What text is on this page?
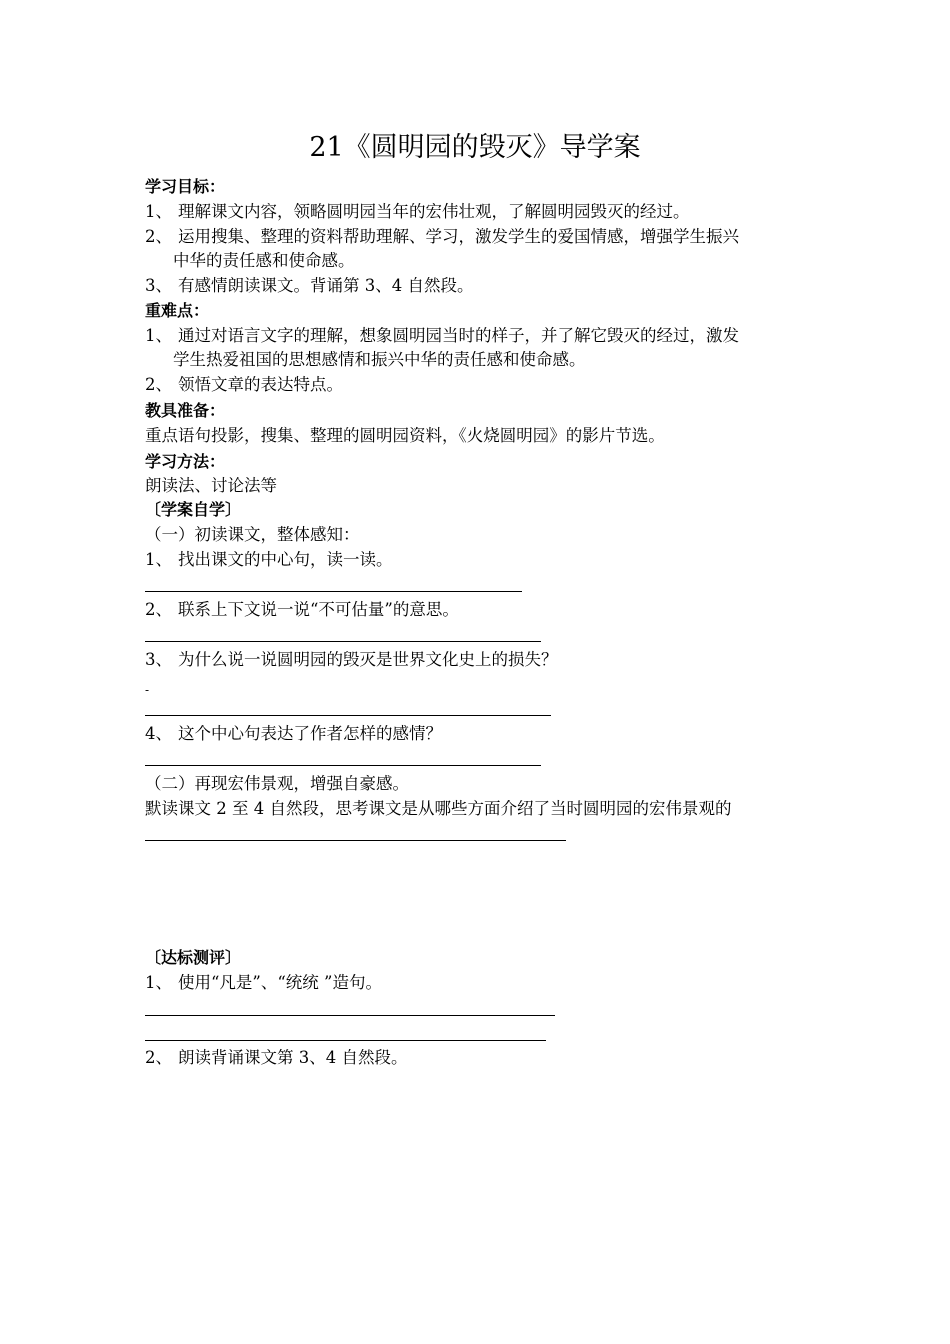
21《圆明园的毁灭》导学案
学习目标：
1、 理解课文内容，领略圆明园当年的宏伟壮观，了解圆明园毁灭的经过。
2、 运用搜集、整理的资料帮助理解、学习，激发学生的爱国情感，增强学生振兴
中华的责任感和使命感。
3、 有感情朗读课文。背诵第 3、4 自然段。
重难点：
1、 通过对语言文字的理解，想象圆明园当时的样子，并了解它毁灭的经过，激发
学生热爱祖国的思想感情和振兴中华的责任感和使命感。
2、 领悟文章的表达特点。
教具准备：
重点语句投影，搜集、整理的圆明园资料，《火烧圆明园》的影片节选。
学习方法：
朗读法、讨论法等
〔学案自学〕
（一）初读课文，整体感知：
1、 找出课文的中心句，读一读。
2、 联系上下文说一说“不可估量”的意思。
3、 为什么说一说圆明园的毁灭是世界文化史上的损失？
-
4、 这个中心句表达了作者怎样的感情？
（二）再现宏伟景观，增强自豪感。
默读课文 2 至 4 自然段，思考课文是从哪些方面介绍了当时圆明园的宏伟景观的
〔达标测评〕
1、 使用“凡是”、“统统 ”造句。
2、 朗读背诵课文第 3、4 自然段。
